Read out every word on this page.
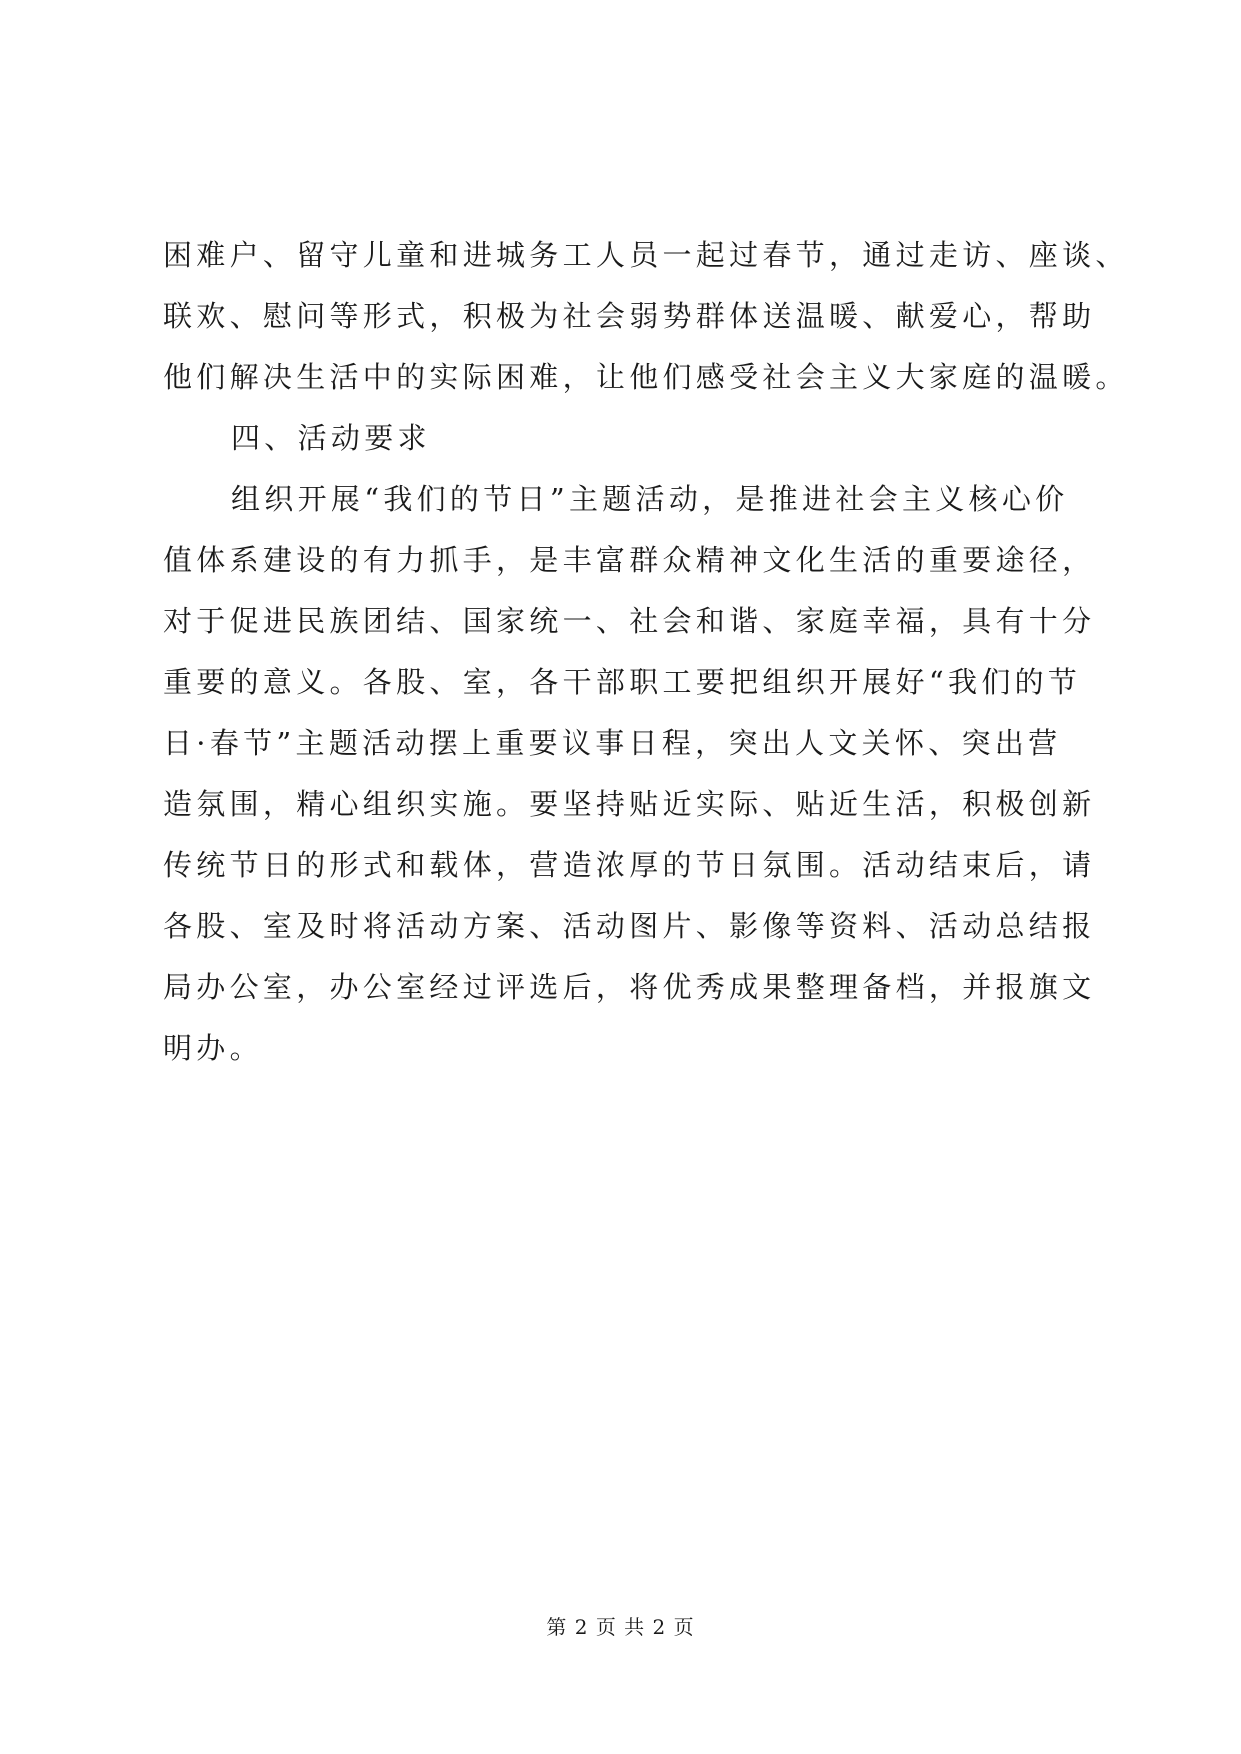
困难户、留守儿童和进城务工人员一起过春节，通过走访、座谈、
联欢、慰问等形式，积极为社会弱势群体送温暖、献爱心，帮助
他们解决生活中的实际困难，让他们感受社会主义大家庭的温暖。
四、活动要求
组织开展“我们的节日”主题活动，是推进社会主义核心价
值体系建设的有力抓手，是丰富群众精神文化生活的重要途径，
对于促进民族团结、国家统一、社会和谐、家庭幸福，具有十分
重要的意义。各股、室，各干部职工要把组织开展好“我们的节
日·春节”主题活动摆上重要议事日程，突出人文关怀、突出营
造氛围，精心组织实施。要坚持贴近实际、贴近生活，积极创新
传统节日的形式和载体，营造浓厚的节日氛围。活动结束后，请
各股、室及时将活动方案、活动图片、影像等资料、活动总结报
局办公室，办公室经过评选后，将优秀成果整理备档，并报旗文
明办。
第 2 页 共 2 页
